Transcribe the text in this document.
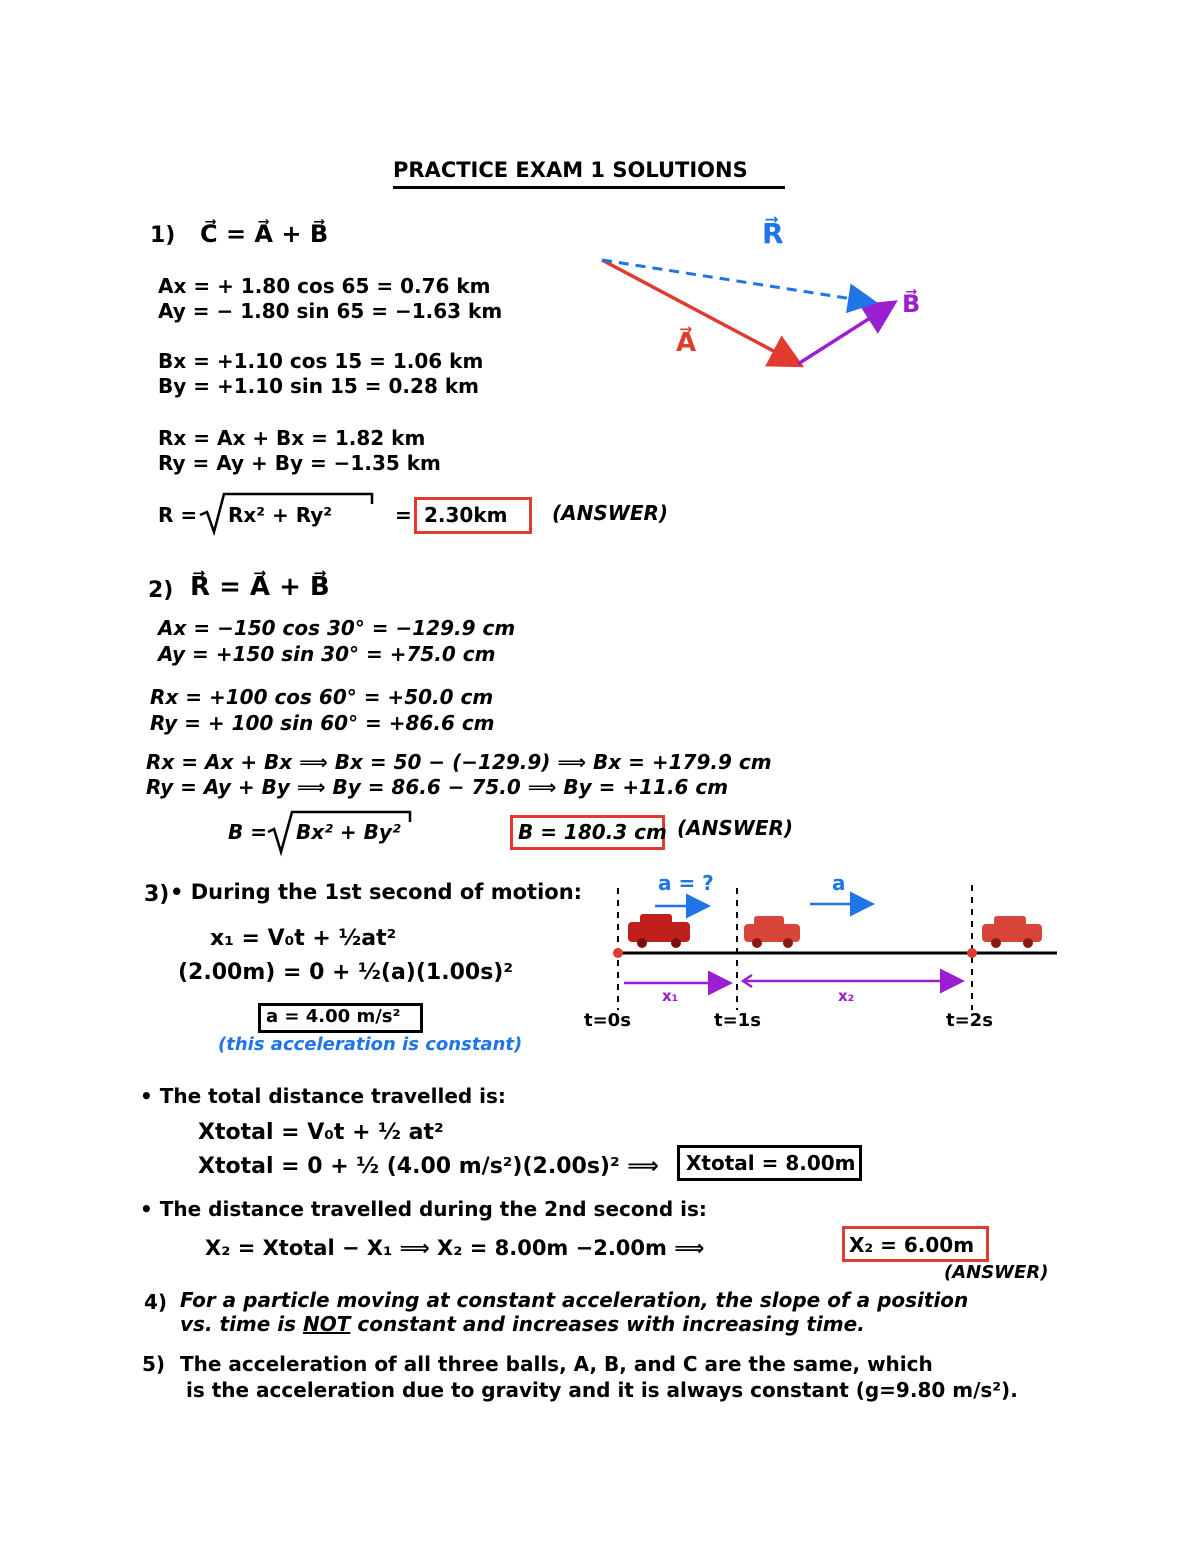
PRACTICE EXAM 1 SOLUTIONS
1) C⃗ = A⃗ + B⃗
Ax = + 1.80 cos 65 = 0.76 km
Ay = − 1.80 sin 65 = −1.63 km
Bx = +1.10 cos 15 = 1.06 km
By = +1.10 sin 15 = 0.28 km
Rx = Ax + Bx = 1.82 km
Ry = Ay + By = −1.35 km
R = Rx² + Ry²	= 2.30km (ANSWER)
R⃗
A⃗
B⃗
2) R⃗ = A⃗ + B⃗
Ax = −150 cos 30° = −129.9 cm
Ay = +150 sin 30° = +75.0 cm
Rx = +100 cos 60° = +50.0 cm
Ry = + 100 sin 60° = +86.6 cm
Rx = Ax + Bx ⟹ Bx = 50 − (−129.9) ⟹ Bx = +179.9 cm
Ry = Ay + By ⟹ By = 86.6 − 75.0 ⟹ By = +11.6 cm
B = Bx² + By²	B = 180.3 cm (ANSWER)
3) • During the 1st second of motion:
x₁ = V₀t + ½at²
(2.00m) = 0 + ½(a)(1.00s)²
a = 4.00 m/s²
(this acceleration is constant)
a = ?	a
x₁	x₂
t=0s	t=1s	t=2s
• The total distance travelled is:
Xtotal = V₀t + ½ at²
Xtotal = 0 + ½ (4.00 m/s²)(2.00s)² ⟹ Xtotal = 8.00m
• The distance travelled during the 2nd second is:
X₂ = Xtotal − X₁ ⟹ X₂ = 8.00m −2.00m ⟹	X₂ = 6.00m
(ANSWER)
4) For a particle moving at constant acceleration, the slope of a position
vs. time is NOT constant and increases with increasing time.
5) The acceleration of all three balls, A, B, and C are the same, which
is the acceleration due to gravity and it is always constant (g=9.80 m/s²).
